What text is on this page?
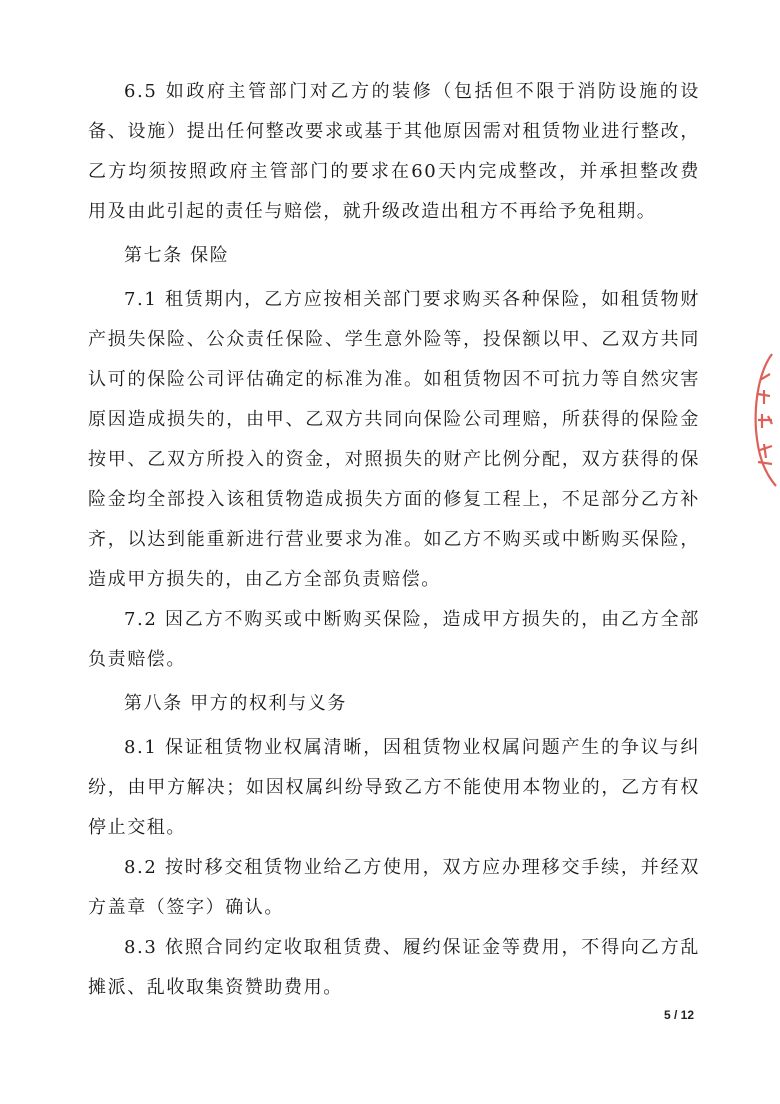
6.5 如政府主管部门对乙方的装修（包括但不限于消防设施的设备、设施）提出任何整改要求或基于其他原因需对租赁物业进行整改，乙方均须按照政府主管部门的要求在60天内完成整改，并承担整改费用及由此引起的责任与赔偿，就升级改造出租方不再给予免租期。

第七条 保险

7.1 租赁期内，乙方应按相关部门要求购买各种保险，如租赁物财产损失保险、公众责任保险、学生意外险等，投保额以甲、乙双方共同认可的保险公司评估确定的标准为准。如租赁物因不可抗力等自然灾害原因造成损失的，由甲、乙双方共同向保险公司理赔，所获得的保险金按甲、乙双方所投入的资金，对照损失的财产比例分配，双方获得的保险金均全部投入该租赁物造成损失方面的修复工程上，不足部分乙方补齐，以达到能重新进行营业要求为准。如乙方不购买或中断购买保险，造成甲方损失的，由乙方全部负责赔偿。

7.2 因乙方不购买或中断购买保险，造成甲方损失的，由乙方全部负责赔偿。

第八条 甲方的权利与义务

8.1 保证租赁物业权属清晰，因租赁物业权属问题产生的争议与纠纷，由甲方解决；如因权属纠纷导致乙方不能使用本物业的，乙方有权停止交租。

8.2 按时移交租赁物业给乙方使用，双方应办理移交手续，并经双方盖章（签字）确认。

8.3 依照合同约定收取租赁费、履约保证金等费用，不得向乙方乱摊派、乱收取集资赞助费用。

5 / 12
